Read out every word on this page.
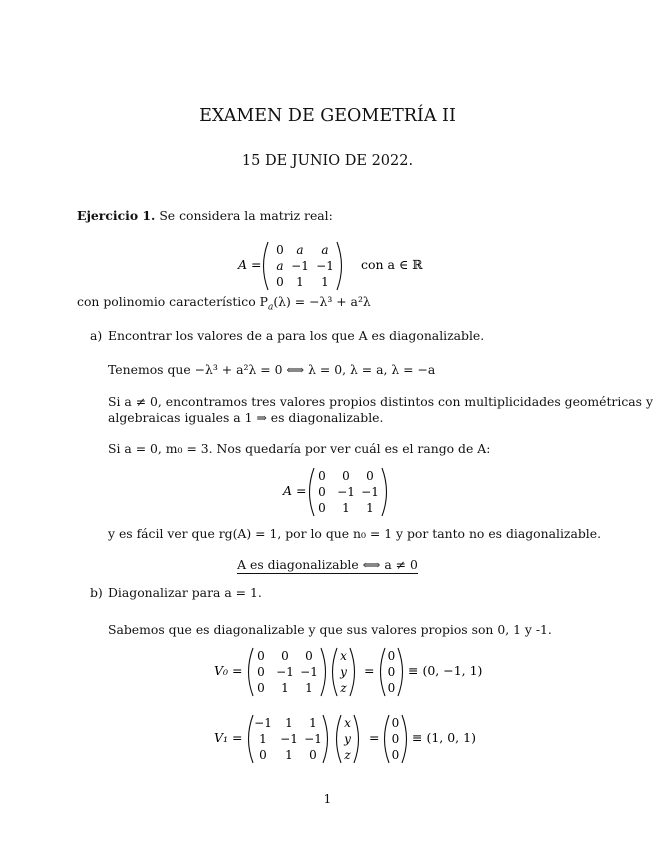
EXAMEN DE GEOMETRÍA II
15 DE JUNIO DE 2022.
Ejercicio 1. Se considera la matriz real:
A =
0 a a
a −1 −1
0 1 1
con a ∈ ℝ
con polinomio característico $P_a(\lambda) = -\lambda^3 + a^2\lambda$
a) Encontrar los valores de a para los que A es diagonalizable.
Tenemos que −λ³ + a²λ = 0 ⟺ λ = 0, λ = a, λ = −a
Si a ≠ 0, encontramos tres valores propios distintos con multiplicidades geométricas y
algebraicas iguales a 1 ⇒ es diagonalizable.
Si a = 0, m₀ = 3. Nos quedaría por ver cuál es el rango de A:
A =
0 0 0
0 −1 −1
0 1 1
y es fácil ver que rg(A) = 1, por lo que n₀ = 1 y por tanto no es diagonalizable.
A es diagonalizable ⟺ a ≠ 0
b) Diagonalizar para a = 1.
Sabemos que es diagonalizable y que sus valores propios son 0, 1 y -1.
V₀ =
0 0 0
0 −1 −1
0 1 1
x
y
z
=
0
0
0
≡ (0, −1, 1)
V₁ =
−1 1 1
1 −1 −1
0 1 0
x
y
z
=
0
0
0
≡ (1, 0, 1)
1
